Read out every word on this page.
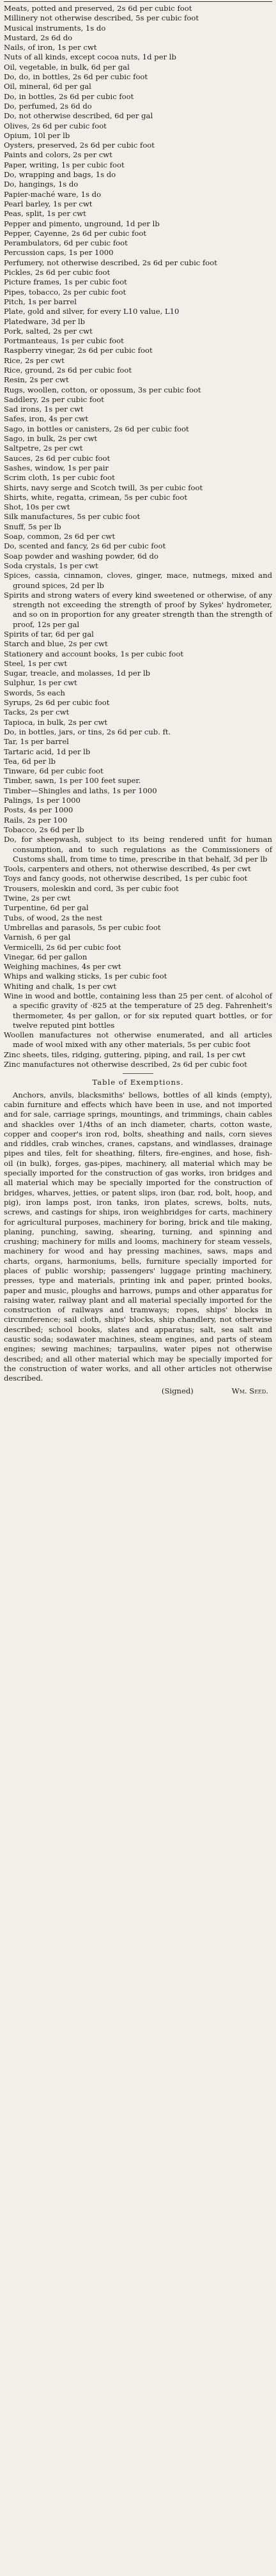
Meats, potted and preserved, 2s 6d per cubic foot

Millinery not otherwise described, 5s per cubic foot

Musical instruments, 1s do

Mustard, 2s 6d do

Nails, of iron, 1s per cwt

Nuts of all kinds, except cocoa nuts, 1d per lb

Oil, vegetable, in bulk, 6d per gal

Do, do, in bottles, 2s 6d per cubic foot

Oil, mineral, 6d per gal

Do, in bottles, 2s 6d per cubic foot

Do, perfumed, 2s 6d do

Do, not otherwise described, 6d per gal

Olives, 2s 6d per cubic foot

Opium, 10l per lb

Oysters, preserved, 2s 6d per cubic foot

Paints and colors, 2s per cwt

Paper, writing, 1s per cubic foot

Do, wrapping and bags, 1s do

Do, hangings, 1s do

Papier-maché ware, 1s do

Pearl barley, 1s per cwt

Peas, split, 1s per cwt

Pepper and pimento, unground, 1d per lb

Pepper, Cayenne, 2s 6d per cubic foot

Perambulators, 6d per cubic foot

Percussion caps, 1s per 1000

Perfumery, not otherwise described, 2s 6d per cubic foot

Pickles, 2s 6d per cubic foot

Picture frames, 1s per cubic foot

Pipes, tobacco, 2s per cubic foot

Pitch, 1s per barrel

Plate, gold and silver, for every L10 value, L10

Platedware, 3d per lb

Pork, salted, 2s per cwt

Portmanteaus, 1s per cubic foot

Raspberry vinegar, 2s 6d per cubic foot

Rice, 2s per cwt

Rice, ground, 2s 6d per cubic foot

Resin, 2s per cwt

Rugs, woollen, cotton, or opossum, 3s per cubic foot

Saddlery, 2s per cubic foot

Sad irons, 1s per cwt

Safes, iron, 4s per cwt

Sago, in bottles or canisters, 2s 6d per cubic foot

Sago, in bulk, 2s per cwt

Saltpetre, 2s per cwt

Sauces, 2s 6d per cubic foot

Sashes, window, 1s per pair

Scrim cloth, 1s per cubic foot

Shirts, navy serge and Scotch twill, 3s per cubic foot

Shirts, white, regatta, crimean, 5s per cubic foot

Shot, 10s per cwt

Silk manufactures, 5s per cubic foot

Snuff, 5s per lb

Soap, common, 2s 6d per cwt

Do, scented and fancy, 2s 6d per cubic foot

Soap powder and washing powder, 6d do

Soda crystals, 1s per cwt

Spices, cassia, cinnamon, cloves, ginger, mace, nutmegs, mixed and ground spices, 2d per lb

Spirits and strong waters of every kind sweetened or otherwise, of any strength not exceeding the strength of proof by Sykes' hydrometer, and so on in proportion for any greater strength than the strength of proof, 12s per gal

Spirits of tar, 6d per gal

Starch and blue, 2s per cwt

Stationery and account books, 1s per cubic foot

Steel, 1s per cwt

Sugar, treacle, and molasses, 1d per lb

Sulphur, 1s per cwt

Swords, 5s each

Syrups, 2s 6d per cubic foot

Tacks, 2s per cwt

Tapioca, in bulk, 2s per cwt

Do, in bottles, jars, or tins, 2s 6d per cub. ft.

Tar, 1s per barrel

Tartaric acid, 1d per lb

Tea, 6d per lb

Tinware, 6d per cubic foot

Timber, sawn, 1s per 100 feet super.

Timber—Shingles and laths, 1s per 1000

Palings, 1s per 1000

Posts, 4s per 1000

Rails, 2s per 100

Tobacco, 2s 6d per lb

Do, for sheepwash, subject to its being rendered unfit for human consumption, and to such regulations as the Commissioners of Customs shall, from time to time, prescribe in that behalf, 3d per lb

Tools, carpenters and others, not otherwise described, 4s per cwt

Toys and fancy goods, not otherwise described, 1s per cubic foot

Trousers, moleskin and cord, 3s per cubic foot

Twine, 2s per cwt

Turpentine, 6d per gal

Tubs, of wood, 2s the nest

Umbrellas and parasols, 5s per cubic foot

Varnish, 6 per gal

Vermicelli, 2s 6d per cubic foot

Vinegar, 6d per gallon

Weighing machines, 4s per cwt

Whips and walking sticks, 1s per cubic foot

Whiting and chalk, 1s per cwt

Wine in wood and bottle, containing less than 25 per cent. of alcohol of a specific gravity of ·825 at the temperature of 25 deg. Fahrenheit's thermometer, 4s per gallon, or for six reputed quart bottles, or for twelve reputed pint bottles

Woollen manufactures not otherwise enumerated, and all articles made of wool mixed with any other materials, 5s per cubic foot

Zinc sheets, tiles, ridging, guttering, piping, and rail, 1s per cwt

Zinc manufactures not otherwise described, 2s 6d per cubic foot

Table of Exemptions.

Anchors, anvils, blacksmiths' bellows, bottles of all kinds (empty), cabin furniture and effects which have been in use, and not imported and for sale, carriage springs, mountings, and trimmings, chain cables and shackles over 1/4ths of an inch diameter, charts, cotton waste, copper and cooper's iron rod, bolts, sheathing and nails, corn sieves and riddles, crab winches, cranes, capstans, and windlasses, drainage pipes and tiles, felt for sheathing, filters, fire-engines, and hose, fish-oil (in bulk), forges, gas-pipes, machinery, all material which may be specially imported for the construction of gas works, iron bridges and all material which may be specially imported for the construction of bridges, wharves, jetties, or patent slips, iron (bar, rod, bolt, hoop, and pig), iron lamps post, iron tanks, iron plates, screws, bolts, nuts, screws, and castings for ships, iron weighbridges for carts, machinery for agricultural purposes, machinery for boring, brick and tile making, planing, punching, sawing, shearing, turning, and spinning and crushing; machinery for mills and looms, machinery for steam vessels, machinery for wood and hay pressing machines, saws, maps and charts, organs, harmoniums, bells, furniture specially imported for places of public worship; passengers' luggage printing machinery, presses, type and materials, printing ink and paper, printed books, paper and music, ploughs and harrows, pumps and other apparatus for raising water, railway plant and all material specially imported for the construction of railways and tramways; ropes, ships' blocks in circumference; sail cloth, ships' blocks, ship chandlery, not otherwise described; school books, slates and apparatus; salt, sea salt and caustic soda; sodawater machines, steam engines, and parts of steam engines; sewing machines; tarpaulins, water pipes not otherwise described; and all other material which may be specially imported for the construction of water works, and all other articles not otherwise described.

(Signed)	Wm. Seed.
